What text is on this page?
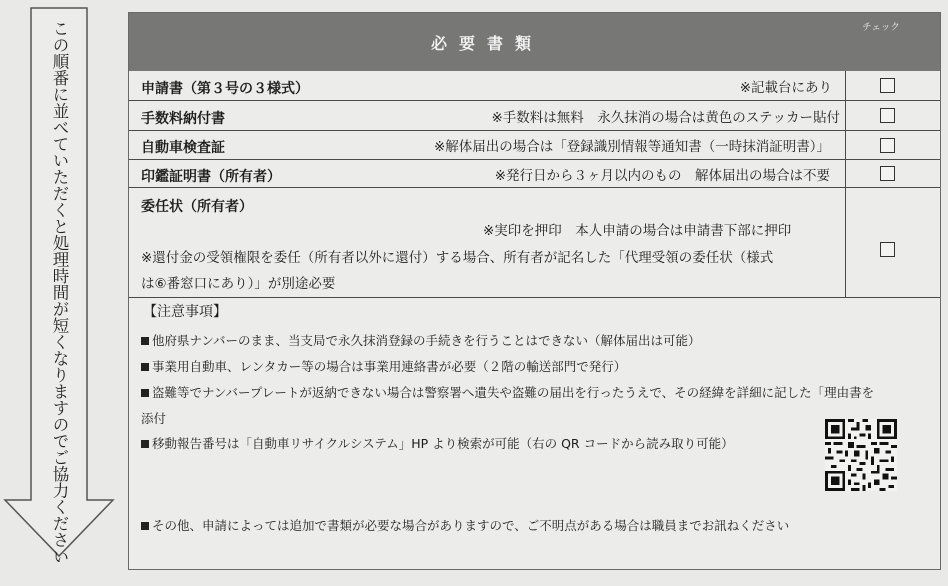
この順番に並べていただくと処理時間が短くなりますのでご協力ください	必要書類
チェック
申請書（第３号の３様式）	※記載台にあり
手数料納付書	※手数料は無料　永久抹消の場合は黄色のステッカー貼付
自動車検査証	※解体届出の場合は「登録識別情報等通知書（一時抹消証明書）」
印鑑証明書（所有者）	※発行日から３ヶ月以内のもの　解体届出の場合は不要
委任状（所有者）
※実印を押印　本人申請の場合は申請書下部に押印
※還付金の受領権限を委任（所有者以外に還付）する場合、所有者が記名した「代理受領の委任状（様式
は⑥番窓口にあり）」が別途必要
【注意事項】
他府県ナンバーのまま、当支局で永久抹消登録の手続きを行うことはできない（解体届出は可能）
事業用自動車、レンタカー等の場合は事業用連絡書が必要（２階の輸送部門で発行）
盗難等でナンバープレートが返納できない場合は警察署へ遺失や盗難の届出を行ったうえで、その経緯を詳細に記した「理由書を
添付
移動報告番号は「自動車リサイクルシステム」HP より検索が可能（右の QR コードから読み取り可能）
その他、申請によっては追加で書類が必要な場合がありますので、ご不明点がある場合は職員までお訊ねください
